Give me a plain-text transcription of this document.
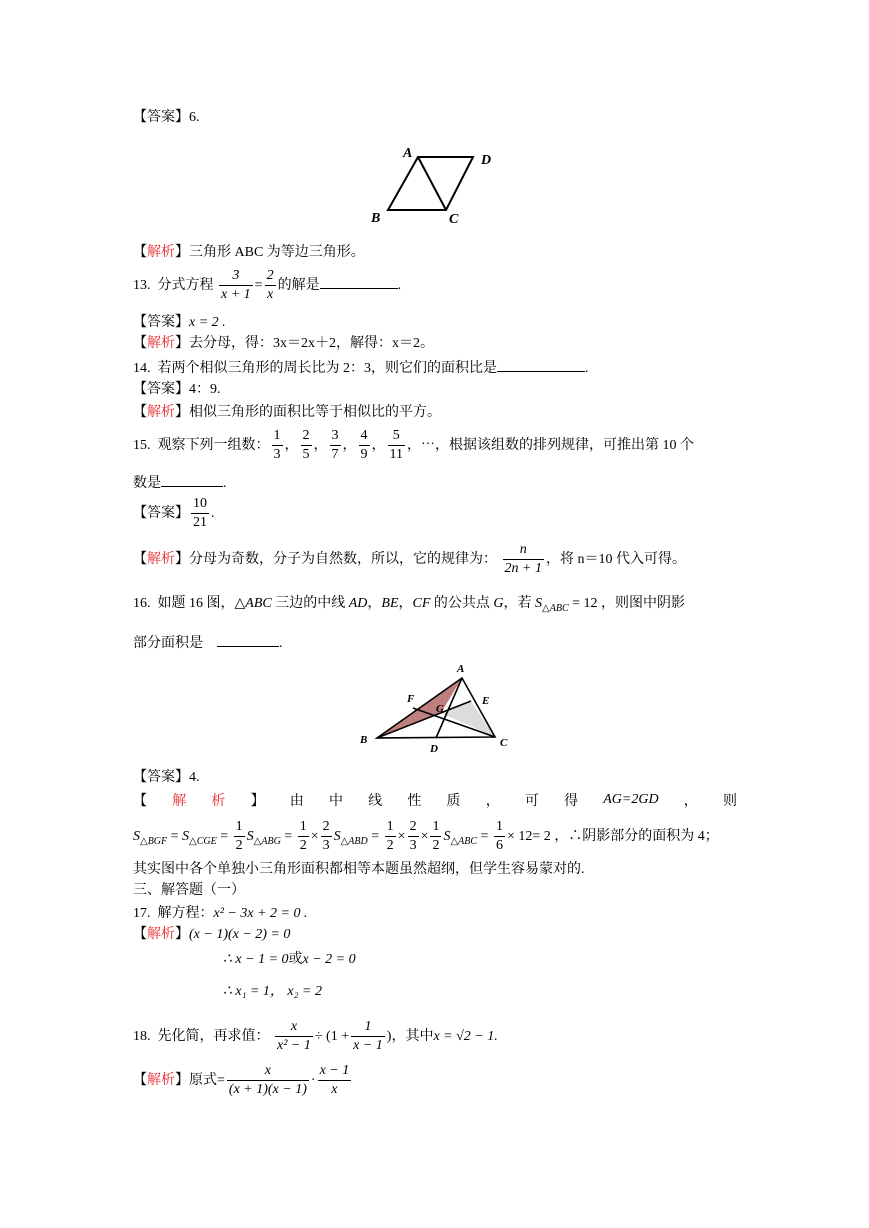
【答案】6.
A	D
B	C
【解析】三角形 ABC 为等边三角形。
13. 分式方程 $\frac{3}{x + 1} = \frac{2}{x}$ 的解是	.
【答案】x = 2 .
【解析】去分母，得：3x＝2x＋2，解得：x＝2。
14. 若两个相似三角形的周长比为 2：3，则它们的面积比是	.
【答案】4：9.
【解析】相似三角形的面积比等于相似比的平方。
15. 观察下列一组数： $\frac{1}{3}$ ， $\frac{2}{5}$ ， $\frac{3}{7}$ ， $\frac{4}{9}$ ， $\frac{5}{11}$ ，⋯，根据该组数的排列规律，可推出第 10 个
数是	.
【答案】 $\frac{10}{21}$ .
【解析】分母为奇数，分子为自然数，所以，它的规律为： $\frac{n}{2n + 1}$ ，将 n＝10 代入可得。
16. 如题 16 图，△ABC 三边的中线 AD，BE，CF 的公共点 G，若 $S_{\triangle ABC} = 12$ ，则图中阴影
部分面积是	.
A
F	E
G
B
D	C
【答案】4.
【 解 析 】 由 中 线 性 质 ， 可 得 AG=2GD ， 则
$S_{\triangle BGF} = S_{\triangle CGE} = \frac{1}{2} S_{\triangle ABG} = \frac{1}{2} \times \frac{2}{3} S_{\triangle ABD} = \frac{1}{2} \times \frac{2}{3} \times \frac{1}{2} S_{\triangle ABC} = \frac{1}{6} \times 12= 2$ ，∴阴影部分的面积为 4；
其实图中各个单独小三角形面积都相等本题虽然超纲，但学生容易蒙对的.
三、解答题（一）
17. 解方程：x² − 3x + 2 = 0 .
【解析】(x − 1)(x − 2) = 0
∴ x − 1 = 0或x − 2 = 0
∴ x₁ = 1， x₂ = 2
18. 先化简，再求值： $\frac{x}{\text{x² − 1}} \div (1 + \frac{1}{x - 1}$ )，其中x = √2 − 1.
【解析】原式= $\frac{x}{(x + 1)(x - 1)} \cdot \frac{x - 1}{x}$
